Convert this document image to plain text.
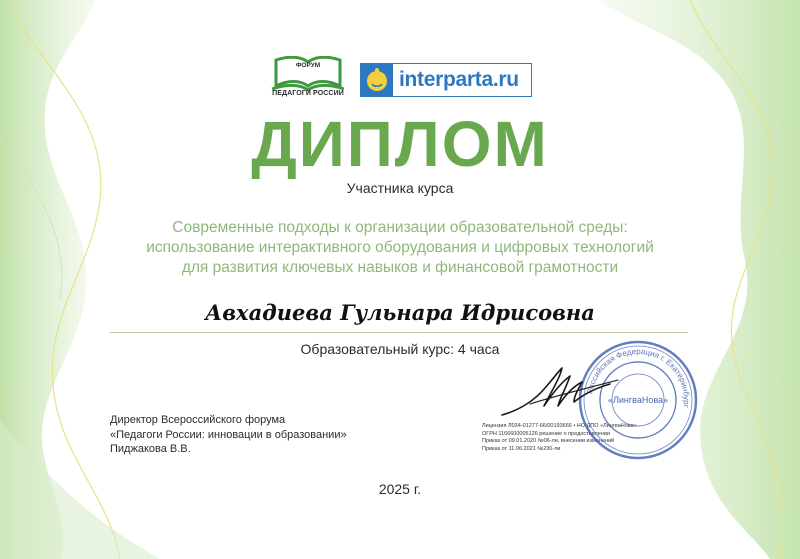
ФОРУМ
ПЕДАГОГИ РОССИИ
interparta.ru
ДИПЛОМ
Участника курса
Современные подходы к организации образовательной среды:
использование интерактивного оборудования и цифровых технологий
для развития ключевых навыков и финансовой грамотности
Авхадиева Гульнара Идрисовна
Образовательный курс: 4 часа
Директор Всероссийского форума
«Педагоги России: инновации в образовании»
Пиджакова В.В.
Лицензия Л034-01277-66/00193666 • НО ДПО «ЛингваНова»
ОГРН 1166600005126 решение о предоставлении
Приказ от 09.01.2020 №06-ли, внесении изменений
Приказ от 11.06.2021 №230-ли
Российская Федерация г. Екатеринбург
«ЛингваНова»
2025 г.
